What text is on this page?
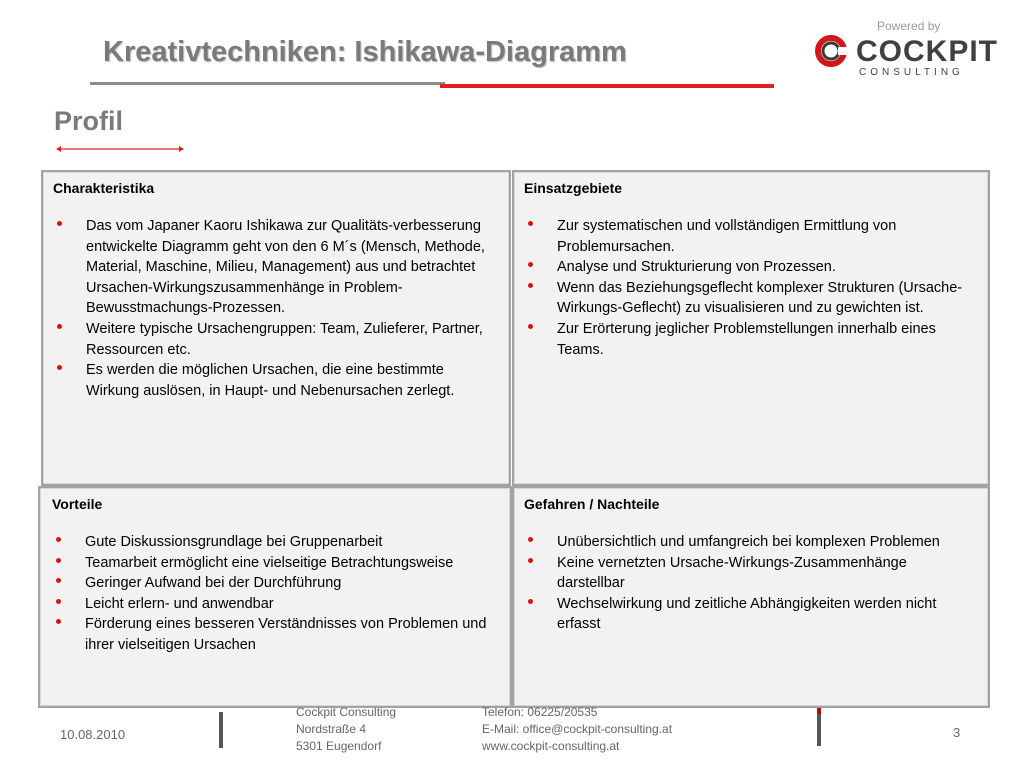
Kreativtechniken: Ishikawa-Diagramm
Powered by
COCKPIT
CONSULTING
Profil
Charakteristika
Das vom Japaner Kaoru Ishikawa zur Qualitäts-verbesserung entwickelte Diagramm geht von den 6 M´s (Mensch, Methode, Material, Maschine, Milieu, Management) aus und betrachtet Ursachen-Wirkungszusammenhänge in Problem-Bewusstmachungs-Prozessen.
Weitere typische Ursachengruppen: Team, Zulieferer, Partner, Ressourcen etc.
Es werden die möglichen Ursachen, die eine bestimmte Wirkung auslösen, in Haupt- und Nebenursachen zerlegt.
Einsatzgebiete
Zur systematischen und vollständigen Ermittlung von Problemursachen.
Analyse und Strukturierung von Prozessen.
Wenn das Beziehungsgeflecht komplexer Strukturen (Ursache-Wirkungs-Geflecht) zu visualisieren und zu gewichten ist.
Zur Erörterung jeglicher Problemstellungen innerhalb eines Teams.
Vorteile
Gute Diskussionsgrundlage bei Gruppenarbeit
Teamarbeit ermöglicht eine vielseitige Betrachtungsweise
Geringer Aufwand bei der Durchführung
Leicht erlern- und anwendbar
Förderung eines besseren Verständnisses von Problemen und ihrer vielseitigen Ursachen
Gefahren / Nachteile
Unübersichtlich und umfangreich bei komplexen Problemen
Keine vernetzten Ursache-Wirkungs-Zusammenhänge darstellbar
Wechselwirkung und zeitliche Abhängigkeiten werden nicht erfasst
10.08.2010
Cockpit Consulting
Nordstraße 4
5301 Eugendorf
Telefon: 06225/20535
E-Mail: office@cockpit-consulting.at
www.cockpit-consulting.at
3
